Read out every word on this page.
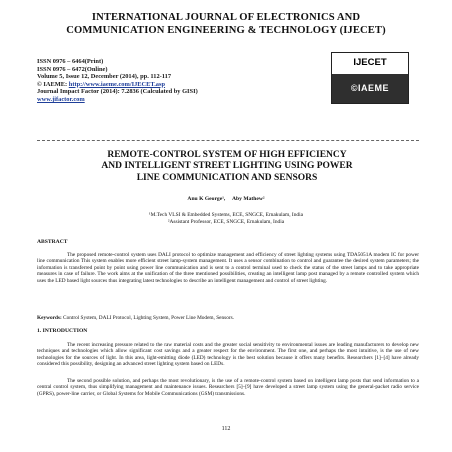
INTERNATIONAL JOURNAL OF ELECTRONICS AND
COMMUNICATION ENGINEERING & TECHNOLOGY (IJECET)
ISSN 0976 – 6464(Print)
ISSN 0976 – 6472(Online)
Volume 5, Issue 12, December (2014), pp. 112-117
© IAEME: http://www.iaeme.com/IJECET.asp
Journal Impact Factor (2014): 7.2836 (Calculated by GISI)
www.jifactor.com
IJECET
©IAEME
REMOTE-CONTROL SYSTEM OF HIGH EFFICIENCY
AND INTELLIGENT STREET LIGHTING USING POWER
LINE COMMUNICATION AND SENSORS
Anu K George¹,     Aby Mathew²
¹M.Tech VLSI & Embedded Systems, ECE, SNGCE, Ernakulam, India
²Assistant Professor, ECE, SNGCE, Ernakulam, India
ABSTRACT
The proposed remote-control system uses DALI protocol to optimize management and efficiency of street lighting systems using TDA5051A modem IC for power line communication This system enables more efficient street lamp-system management. It uses a sensor combination to control and guarantee the desired system parameters; the information is transferred point by point using power line communication and is sent to a control terminal used to check the status of the street lamps and to take appropriate measures in case of failure. The work aims at the unification of the three mentioned possibilities, creating an intelligent lamp post managed by a remote controlled system which uses the LED based light sources thus integrating latest technologies to describe an intelligent management and control of street lighting.
Keywords: Control System, DALI Protocol, Lighting System, Power Line Modem, Sensors.
1. INTRODUCTION
The recent increasing pressure related to the raw material costs and the greater social sensitivity to environmental issues are leading manufacturers to develop new techniques and technologies which allow significant cost savings and a greater respect for the environment. The first one, and perhaps the most intuitive, is the use of new technologies for the sources of light. In this area, light-emitting diode (LED) technology is the best solution because it offers many benefits. Researchers [1]–[4] have already considered this possibility, designing an advanced street lighting system based on LEDs.
The second possible solution, and perhaps the most revolutionary, is the use of a remote-control system based on intelligent lamp posts that send information to a central control system, thus simplifying management and maintenance issues. Researchers [5]–[9] have developed a street lamp system using the general-packet radio service (GPRS), power-line carrier, or Global Systems for Mobile Communications (GSM) transmissions.
112
